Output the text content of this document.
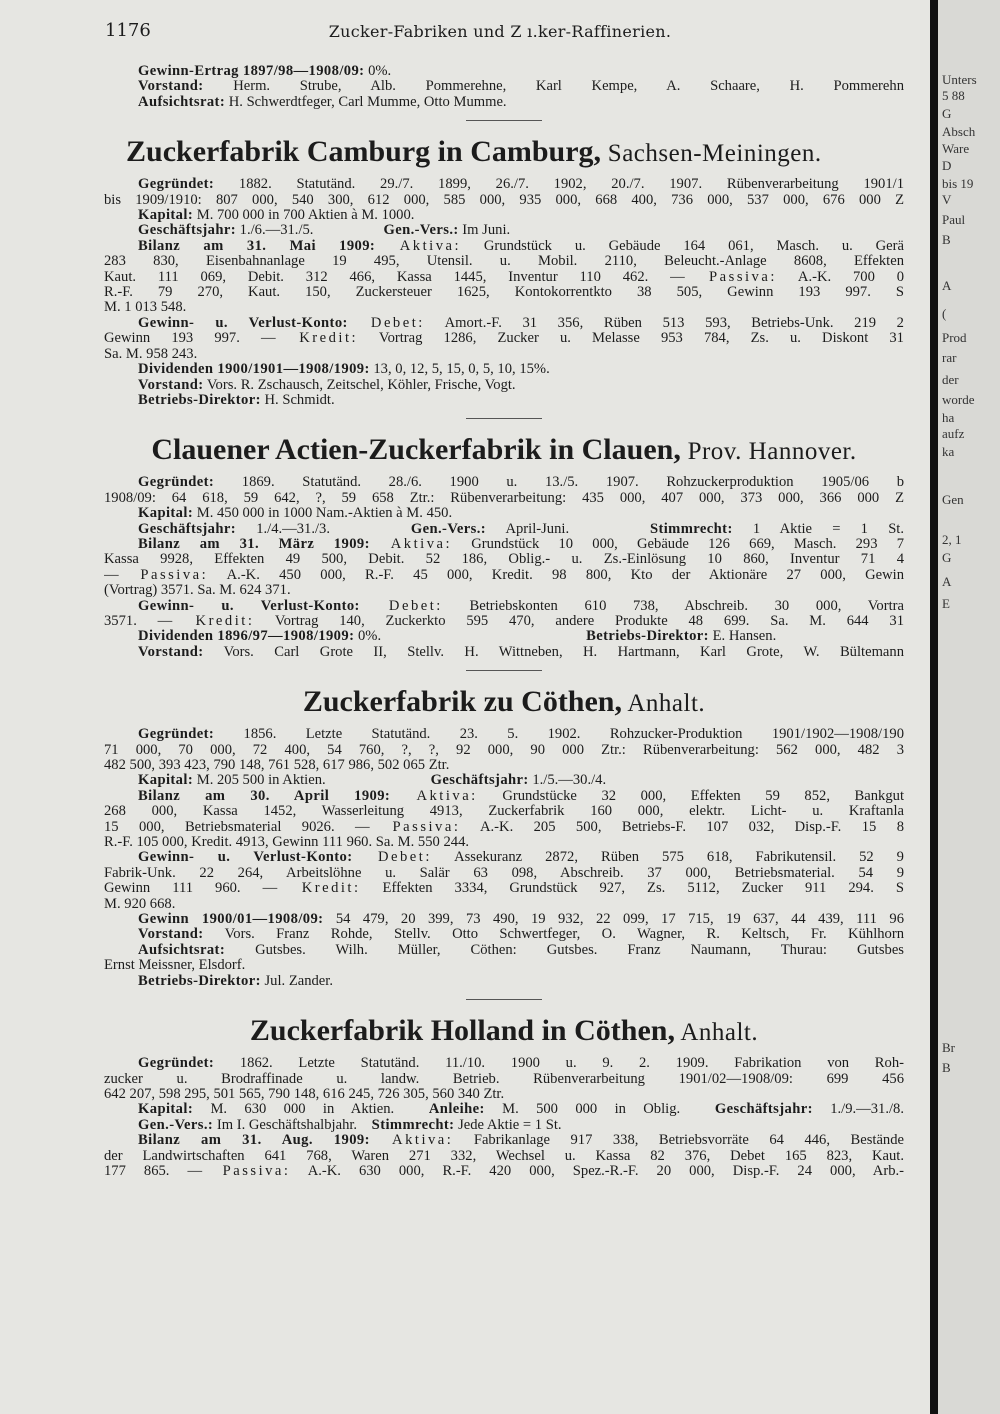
1176	Zucker-Fabriken und Z ı.ker-Raffinerien.
Gewinn-Ertrag 1897/98—1908/09: 0%.
Vorstand: Herm. Strube, Alb. Pommerehne, Karl Kempe, A. Schaare, H. Pommerehn
Aufsichtsrat: H. Schwerdtfeger, Carl Mumme, Otto Mumme.
Zuckerfabrik Camburg in Camburg, Sachsen-Meiningen.
Gegründet: 1882. Statutänd. 29./7. 1899, 26./7. 1902, 20./7. 1907. Rübenverarbeitung 1901/1
bis 1909/1910: 807 000, 540 300, 612 000, 585 000, 935 000, 668 400, 736 000, 537 000, 676 000 Z
Kapital: M. 700 000 in 700 Aktien à M. 1000.
Geschäftsjahr: 1./6.—31./5.	Gen.-Vers.: Im Juni.
Bilanz am 31. Mai 1909: Aktiva: Grundstück u. Gebäude 164 061, Masch. u. Gerä
283 830, Eisenbahnanlage 19 495, Utensil. u. Mobil. 2110, Beleucht.-Anlage 8608, Effekten
Kaut. 111 069, Debit. 312 466, Kassa 1445, Inventur 110 462. — Passiva: A.-K. 700 0
R.-F. 79 270, Kaut. 150, Zuckersteuer 1625, Kontokorrentkto 38 505, Gewinn 193 997. S
M. 1 013 548.
Gewinn- u. Verlust-Konto: Debet: Amort.-F. 31 356, Rüben 513 593, Betriebs-Unk. 219 2
Gewinn 193 997. — Kredit: Vortrag 1286, Zucker u. Melasse 953 784, Zs. u. Diskont 31
Sa. M. 958 243.
Dividenden 1900/1901—1908/1909: 13, 0, 12, 5, 15, 0, 5, 10, 15%.
Vorstand: Vors. R. Zschausch, Zeitschel, Köhler, Frische, Vogt.
Betriebs-Direktor: H. Schmidt.
Clauener Actien-Zuckerfabrik in Clauen, Prov. Hannover.
Gegründet: 1869. Statutänd. 28./6. 1900 u. 13./5. 1907. Rohzuckerproduktion 1905/06 b
1908/09: 64 618, 59 642, ?, 59 658 Ztr.: Rübenverarbeitung: 435 000, 407 000, 373 000, 366 000 Z
Kapital: M. 450 000 in 1000 Nam.-Aktien à M. 450.
Geschäftsjahr: 1./4.—31./3.	Gen.-Vers.: April-Juni.	Stimmrecht: 1 Aktie = 1 St.
Bilanz am 31. März 1909: Aktiva: Grundstück 10 000, Gebäude 126 669, Masch. 293 7
Kassa 9928, Effekten 49 500, Debit. 52 186, Oblig.- u. Zs.-Einlösung 10 860, Inventur 71 4
— Passiva: A.-K. 450 000, R.-F. 45 000, Kredit. 98 800, Kto der Aktionäre 27 000, Gewin
(Vortrag) 3571. Sa. M. 624 371.
Gewinn- u. Verlust-Konto: Debet: Betriebskonten 610 738, Abschreib. 30 000, Vortra
3571. — Kredit: Vortrag 140, Zuckerkto 595 470, andere Produkte 48 699. Sa. M. 644 31
Dividenden 1896/97—1908/1909: 0%.	Betriebs-Direktor: E. Hansen.
Vorstand: Vors. Carl Grote II, Stellv. H. Wittneben, H. Hartmann, Karl Grote, W. Bültemann
Zuckerfabrik zu Cöthen, Anhalt.
Gegründet: 1856. Letzte Statutänd. 23. 5. 1902. Rohzucker-Produktion 1901/1902—1908/190
71 000, 70 000, 72 400, 54 760, ?, ?, 92 000, 90 000 Ztr.: Rübenverarbeitung: 562 000, 482 3
482 500, 393 423, 790 148, 761 528, 617 986, 502 065 Ztr.
Kapital: M. 205 500 in Aktien.	Geschäftsjahr: 1./5.—30./4.
Bilanz am 30. April 1909: Aktiva: Grundstücke 32 000, Effekten 59 852, Bankgut
268 000, Kassa 1452, Wasserleitung 4913, Zuckerfabrik 160 000, elektr. Licht- u. Kraftanla
15 000, Betriebsmaterial 9026. — Passiva: A.-K. 205 500, Betriebs-F. 107 032, Disp.-F. 15 8
R.-F. 105 000, Kredit. 4913, Gewinn 111 960. Sa. M. 550 244.
Gewinn- u. Verlust-Konto: Debet: Assekuranz 2872, Rüben 575 618, Fabrikutensil. 52 9
Fabrik-Unk. 22 264, Arbeitslöhne u. Salär 63 098, Abschreib. 37 000, Betriebsmaterial. 54 9
Gewinn 111 960. — Kredit: Effekten 3334, Grundstück 927, Zs. 5112, Zucker 911 294. S
M. 920 668.
Gewinn 1900/01—1908/09: 54 479, 20 399, 73 490, 19 932, 22 099, 17 715, 19 637, 44 439, 111 96
Vorstand: Vors. Franz Rohde, Stellv. Otto Schwertfeger, O. Wagner, R. Keltsch, Fr. Kühlhorn
Aufsichtsrat: Gutsbes. Wilh. Müller, Cöthen: Gutsbes. Franz Naumann, Thurau: Gutsbes
Ernst Meissner, Elsdorf.
Betriebs-Direktor: Jul. Zander.
Zuckerfabrik Holland in Cöthen, Anhalt.
Gegründet: 1862. Letzte Statutänd. 11./10. 1900 u. 9. 2. 1909. Fabrikation von Roh-
zucker u. Brodraffinade u. landw. Betrieb. Rübenverarbeitung 1901/02—1908/09: 699 456
642 207, 598 295, 501 565, 790 148, 616 245, 726 305, 560 340 Ztr.
Kapital: M. 630 000 in Aktien. Anleihe: M. 500 000 in Oblig. Geschäftsjahr: 1./9.—31./8.
Gen.-Vers.: Im I. Geschäftshalbjahr. Stimmrecht: Jede Aktie = 1 St.
Bilanz am 31. Aug. 1909: Aktiva: Fabrikanlage 917 338, Betriebsvorräte 64 446, Bestände
der Landwirtschaften 641 768, Waren 271 332, Wechsel u. Kassa 82 376, Debet 165 823, Kaut.
177 865. — Passiva: A.-K. 630 000, R.-F. 420 000, Spez.-R.-F. 20 000, Disp.-F. 24 000, Arb.-
Unters
5 88
G
Absch
Ware
D
bis 19
V
Paul
B
A
(
Prod
rar
der
worde
ha
aufz
ka
Gen
2, 1
G
A
E
Br
B
